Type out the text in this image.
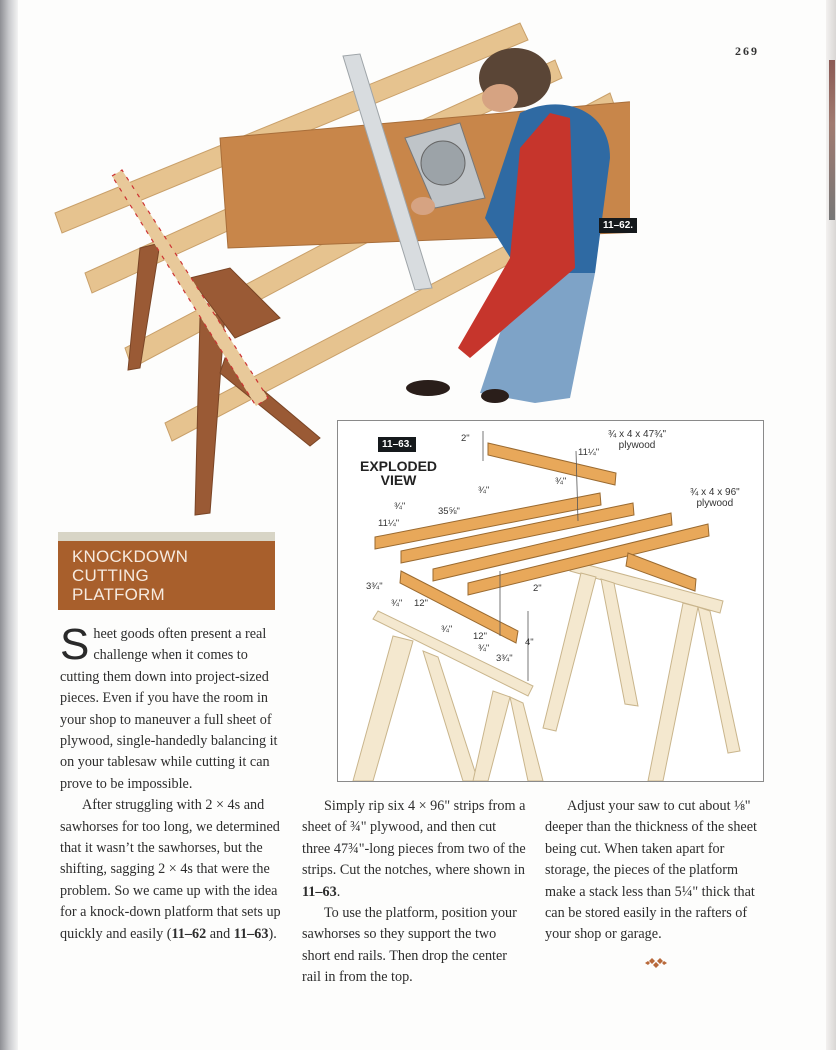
269
11–62.
11–63.
EXPLODED
VIEW
2"
11¼"
¾ x 4 x 47¾"
plywood
¾ x 4 x 96"
plywood
¾"
¾"
¾"	35⅝"
11¼"
3¾"
¾" 12"
¾"
2"
12"
4"
¾"
3¾"
KNOCKDOWN
CUTTING
PLATFORM

Sheet goods often present a real challenge when it comes to cutting them down into project-sized pieces. Even if you have the room in your shop to maneuver a full sheet of plywood, single-handedly balancing it on your tablesaw while cutting it can prove to be impossible.

After struggling with 2 × 4s and sawhorses for too long, we determined that it wasn’t the sawhorses, but the shifting, sagging 2 × 4s that were the problem. So we came up with the idea for a knock-down platform that sets up quickly and easily (11–62 and 11–63).

Simply rip six 4 × 96" strips from a sheet of ¾" plywood, and then cut three 47¾"-long pieces from two of the strips. Cut the notches, where shown in 11–63.

To use the platform, position your sawhorses so they support the two short end rails. Then drop the center rail in from the top.

Adjust your saw to cut about ⅛" deeper than the thickness of the sheet being cut. When taken apart for storage, the pieces of the platform make a stack less than 5¼" thick that can be stored easily in the rafters of your shop or garage.
